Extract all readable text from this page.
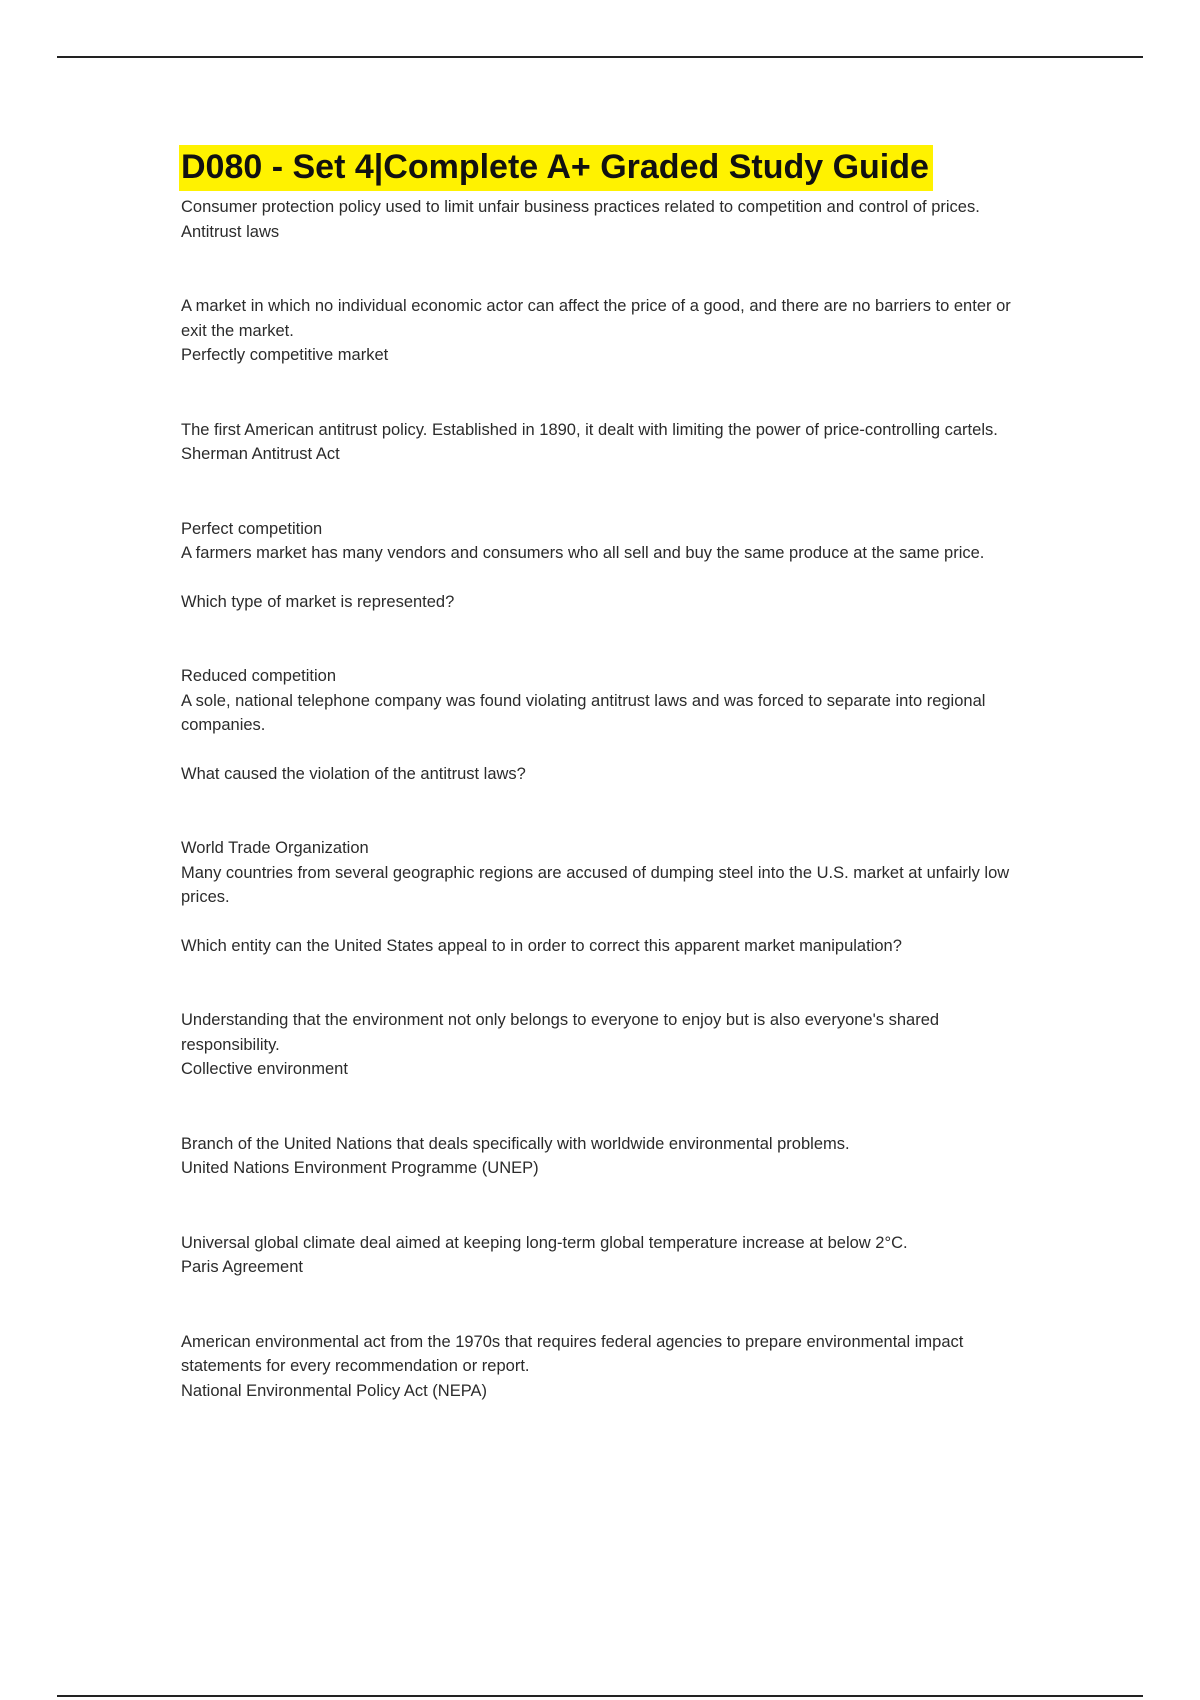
D080 - Set 4|Complete A+ Graded Study Guide

Consumer protection policy used to limit unfair business practices related to competition and control of prices.

Antitrust laws

A market in which no individual economic actor can affect the price of a good, and there are no barriers to enter or exit the market.

Perfectly competitive market

The first American antitrust policy. Established in 1890, it dealt with limiting the power of price-controlling cartels.

Sherman Antitrust Act

Perfect competition

A farmers market has many vendors and consumers who all sell and buy the same produce at the same price.

Which type of market is represented?

Reduced competition

A sole, national telephone company was found violating antitrust laws and was forced to separate into regional companies.

What caused the violation of the antitrust laws?

World Trade Organization

Many countries from several geographic regions are accused of dumping steel into the U.S. market at unfairly low prices.

Which entity can the United States appeal to in order to correct this apparent market manipulation?

Understanding that the environment not only belongs to everyone to enjoy but is also everyone's shared responsibility.

Collective environment

Branch of the United Nations that deals specifically with worldwide environmental problems.

United Nations Environment Programme (UNEP)

Universal global climate deal aimed at keeping long-term global temperature increase at below 2°C.

Paris Agreement

American environmental act from the 1970s that requires federal agencies to prepare environmental impact statements for every recommendation or report.

National Environmental Policy Act (NEPA)
